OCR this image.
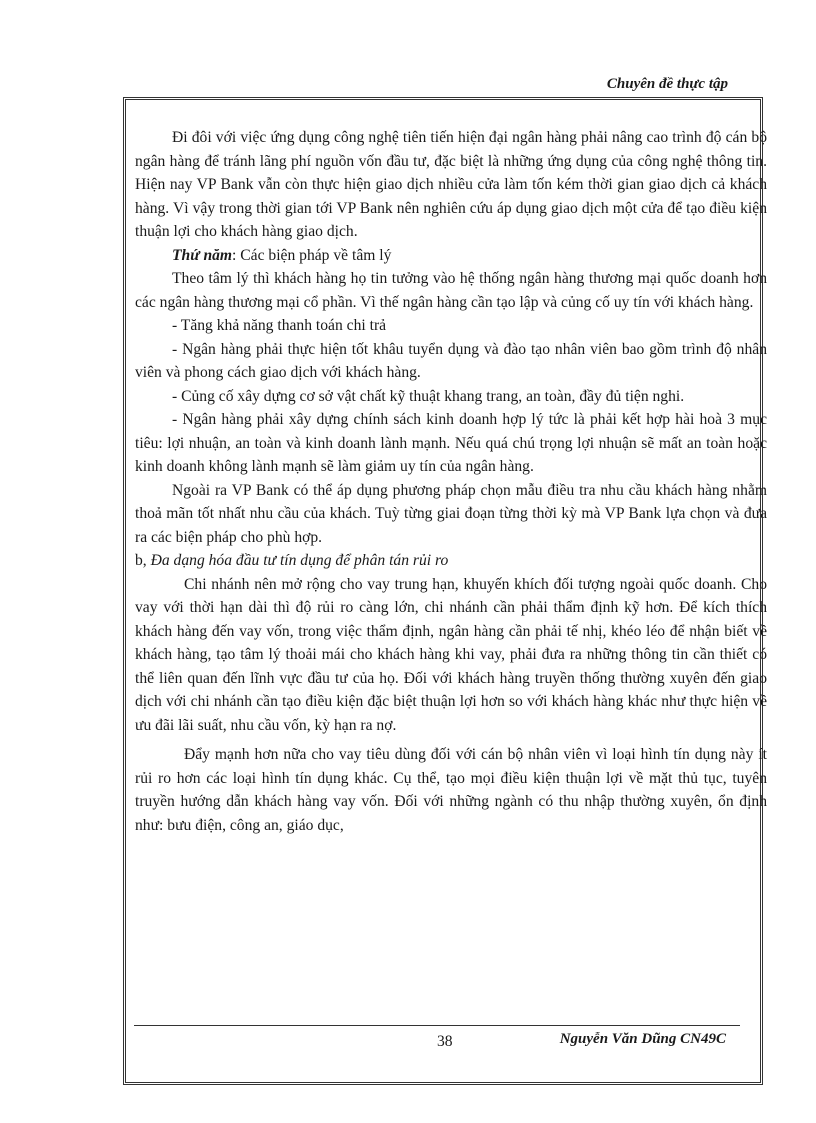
Chuyên đề thực tập

Đi đôi với việc ứng dụng công nghệ tiên tiến hiện đại ngân hàng phải nâng cao trình độ cán bộ ngân hàng để tránh lãng phí nguồn vốn đầu tư, đặc biệt là những ứng dụng của công nghệ thông tin. Hiện nay VP Bank vẫn còn thực hiện giao dịch nhiều cửa làm tốn kém thời gian giao dịch cả khách hàng. Vì vậy trong thời gian tới VP Bank nên nghiên cứu áp dụng giao dịch một cửa để tạo điều kiện thuận lợi cho khách hàng giao dịch.

Thứ năm: Các biện pháp về tâm lý

Theo tâm lý thì khách hàng họ tin tưởng vào hệ thống ngân hàng thương mại quốc doanh hơn các ngân hàng thương mại cổ phần. Vì thế ngân hàng cần tạo lập và củng cố uy tín với khách hàng.

- Tăng khả năng thanh toán chi trả

- Ngân hàng phải thực hiện tốt khâu tuyển dụng và đào tạo nhân viên bao gồm trình độ nhân viên và phong cách giao dịch với khách hàng.

- Củng cố xây dựng cơ sở vật chất kỹ thuật khang trang, an toàn, đầy đủ tiện nghi.

- Ngân hàng phải xây dựng chính sách kinh doanh hợp lý tức là phải kết hợp hài hoà 3 mục tiêu: lợi nhuận, an toàn và kinh doanh lành mạnh. Nếu quá chú trọng lợi nhuận sẽ mất an toàn hoặc kinh doanh không lành mạnh sẽ làm giảm uy tín của ngân hàng.

Ngoài ra VP Bank có thể áp dụng phương pháp chọn mẫu điều tra nhu cầu khách hàng nhằm thoả mãn tốt nhất nhu cầu của khách. Tuỳ từng giai đoạn từng thời kỳ mà VP Bank lựa chọn và đưa ra các biện pháp cho phù hợp.

b, Đa dạng hóa đầu tư tín dụng để phân tán rủi ro

Chi nhánh nên mở rộng cho vay trung hạn, khuyến khích đối tượng ngoài quốc doanh. Cho vay với thời hạn dài thì độ rủi ro càng lớn, chi nhánh cần phải thẩm định kỹ hơn. Để kích thích khách hàng đến vay vốn, trong việc thẩm định, ngân hàng cần phải tế nhị, khéo léo để nhận biết về khách hàng, tạo tâm lý thoải mái cho khách hàng khi vay, phải đưa ra những thông tin cần thiết có thể liên quan đến lĩnh vực đầu tư của họ. Đối với khách hàng truyền thống thường xuyên đến giao dịch với chi nhánh cần tạo điều kiện đặc biệt thuận lợi hơn so với khách hàng khác như thực hiện về ưu đãi lãi suất, nhu cầu vốn, kỳ hạn ra nợ.

Đẩy mạnh hơn nữa cho vay tiêu dùng đối với cán bộ nhân viên vì loại hình tín dụng này ít rủi ro hơn các loại hình tín dụng khác. Cụ thể, tạo mọi điều kiện thuận lợi về mặt thủ tục, tuyên truyền hướng dẫn khách hàng vay vốn. Đối với những ngành có thu nhập thường xuyên, ổn định như: bưu điện, công an, giáo dục,

38	Nguyễn Văn Dũng CN49C
